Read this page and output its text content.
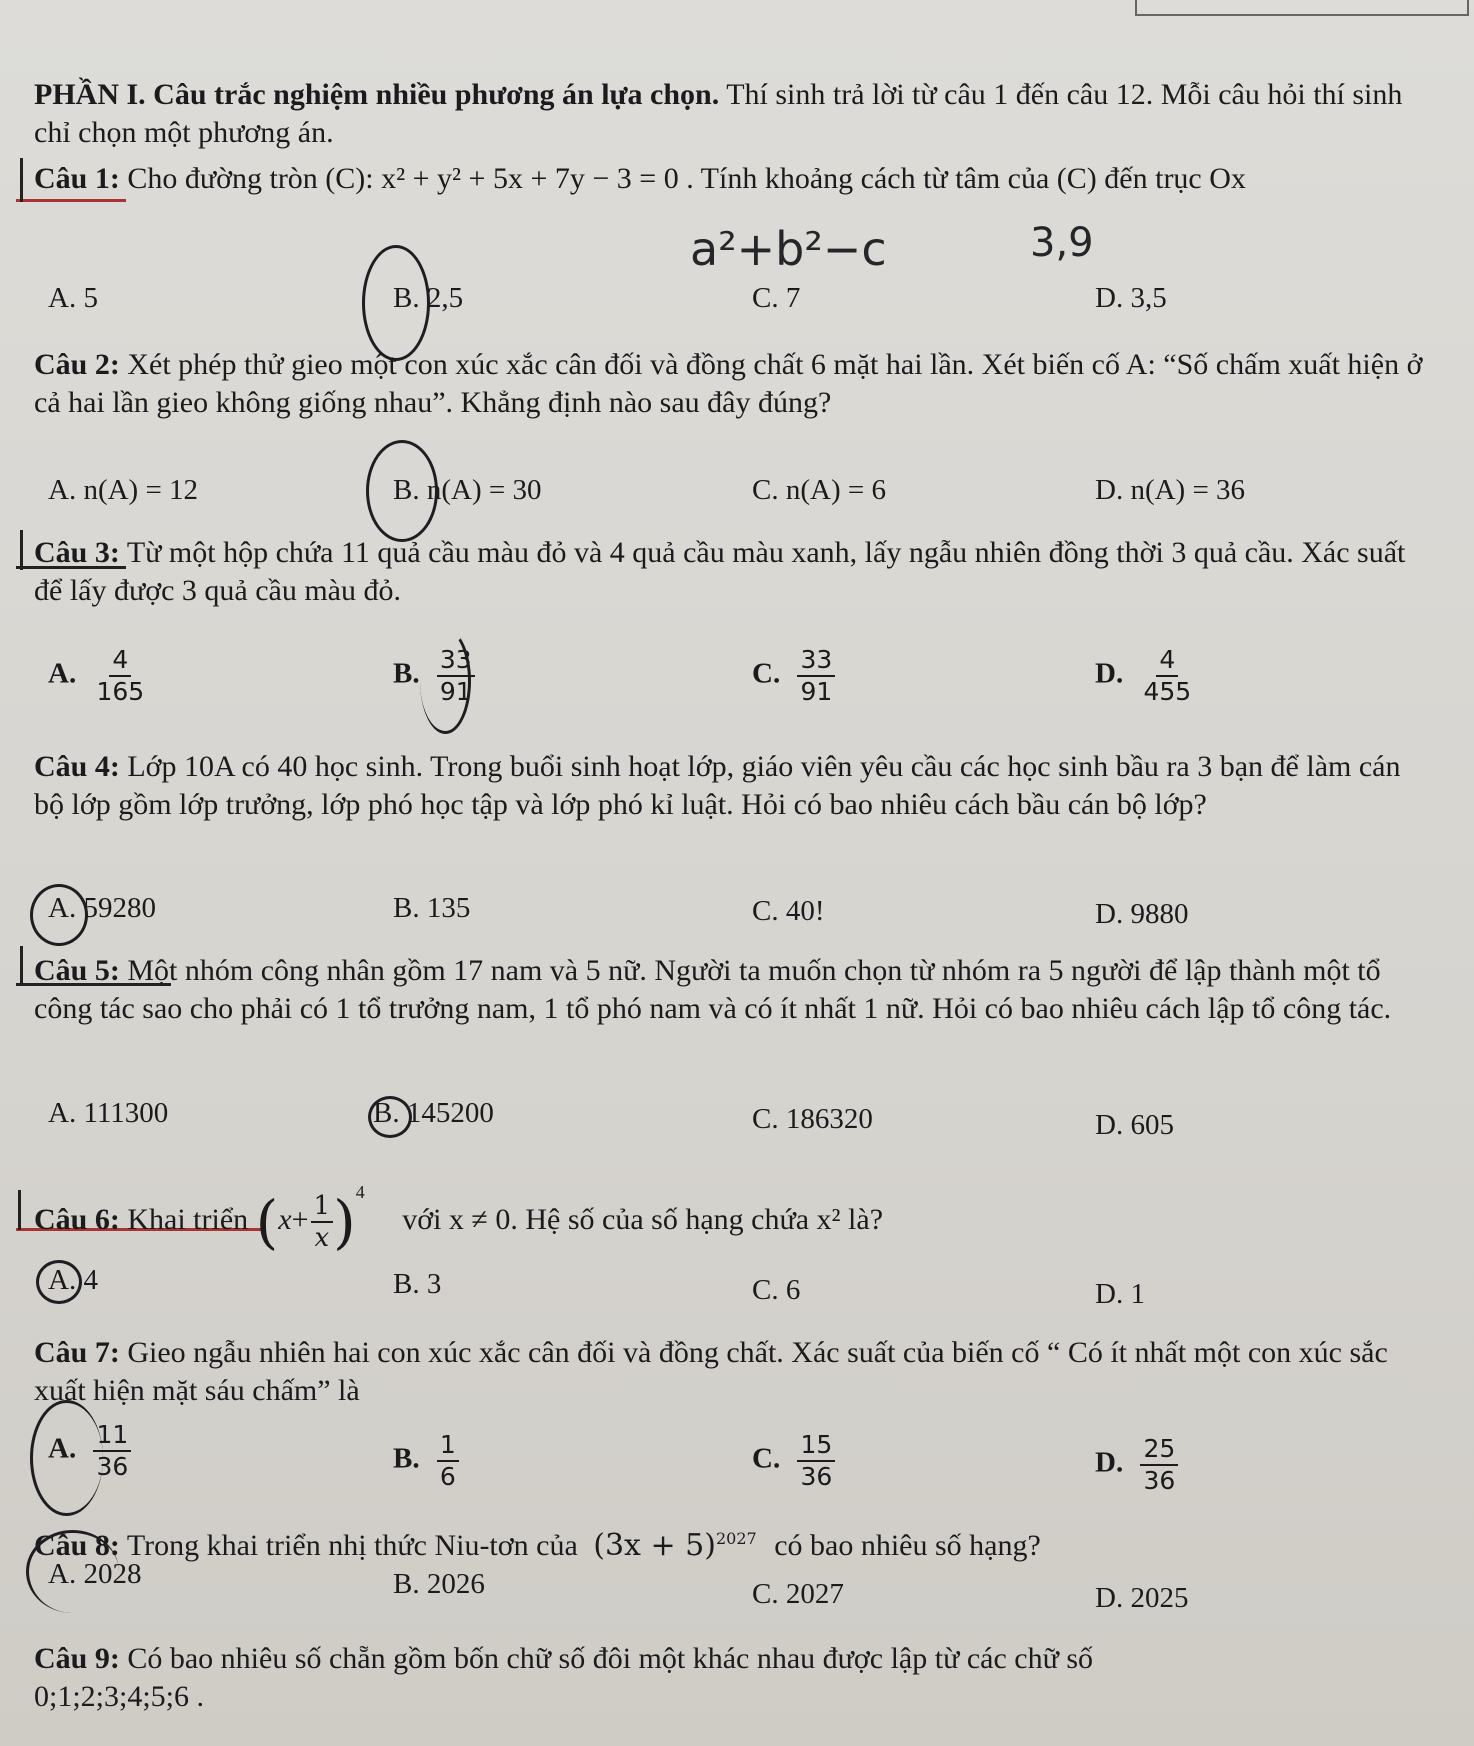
PHẦN I. Câu trắc nghiệm nhiều phương án lựa chọn. Thí sinh trả lời từ câu 1 đến câu 12. Mỗi câu hỏi thí sinh chỉ chọn một phương án.
Câu 1: Cho đường tròn (C): x² + y² + 5x + 7y − 3 = 0 . Tính khoảng cách từ tâm của (C) đến trục Ox
a²+b²−c	3,9
A. 5	B. 2,5	C. 7	D. 3,5
Câu 2: Xét phép thử gieo một con xúc xắc cân đối và đồng chất 6 mặt hai lần. Xét biến cố A: “Số chấm xuất hiện ở cả hai lần gieo không giống nhau”. Khẳng định nào sau đây đúng?
A. n(A) = 12	B. n(A) = 30	C. n(A) = 6	D. n(A) = 36
Câu 3: Từ một hộp chứa 11 quả cầu màu đỏ và 4 quả cầu màu xanh, lấy ngẫu nhiên đồng thời 3 quả cầu. Xác suất để lấy được 3 quả cầu màu đỏ.
A. $\frac{4}{165}$	B. $\frac{33}{91}$	C. $\frac{33}{91}$	D. $\frac{4}{455}$
Câu 4: Lớp 10A có 40 học sinh. Trong buổi sinh hoạt lớp, giáo viên yêu cầu các học sinh bầu ra 3 bạn để làm cán bộ lớp gồm lớp trưởng, lớp phó học tập và lớp phó kỉ luật. Hỏi có bao nhiêu cách bầu cán bộ lớp?
A. 59280	B. 135	C. 40!	D. 9880
Câu 5: Một nhóm công nhân gồm 17 nam và 5 nữ. Người ta muốn chọn từ nhóm ra 5 người để lập thành một tổ công tác sao cho phải có 1 tổ trưởng nam, 1 tổ phó nam và có ít nhất 1 nữ. Hỏi có bao nhiêu cách lập tổ công tác.
A. 111300	B. 145200	C. 186320	D. 605
Câu 6: Khai triển $(x+ \frac{1}{x} )^4$ với x ≠ 0. Hệ số của số hạng chứa x² là?
A. 4	B. 3	C. 6	D. 1
Câu 7: Gieo ngẫu nhiên hai con xúc xắc cân đối và đồng chất. Xác suất của biến cố “ Có ít nhất một con xúc sắc xuất hiện mặt sáu chấm” là
A. $\frac{11}{36}$	B. $\frac{1}{6}$	C. $\frac{15}{36}$	D. $\frac{25}{36}$
Câu 8: Trong khai triển nhị thức Niu-tơn của $(3x + 5)^{2027}$ có bao nhiêu số hạng?
A. 2028	B. 2026	C. 2027	D. 2025
Câu 9: Có bao nhiêu số chẵn gồm bốn chữ số đôi một khác nhau được lập từ các chữ số
0;1;2;3;4;5;6 .
